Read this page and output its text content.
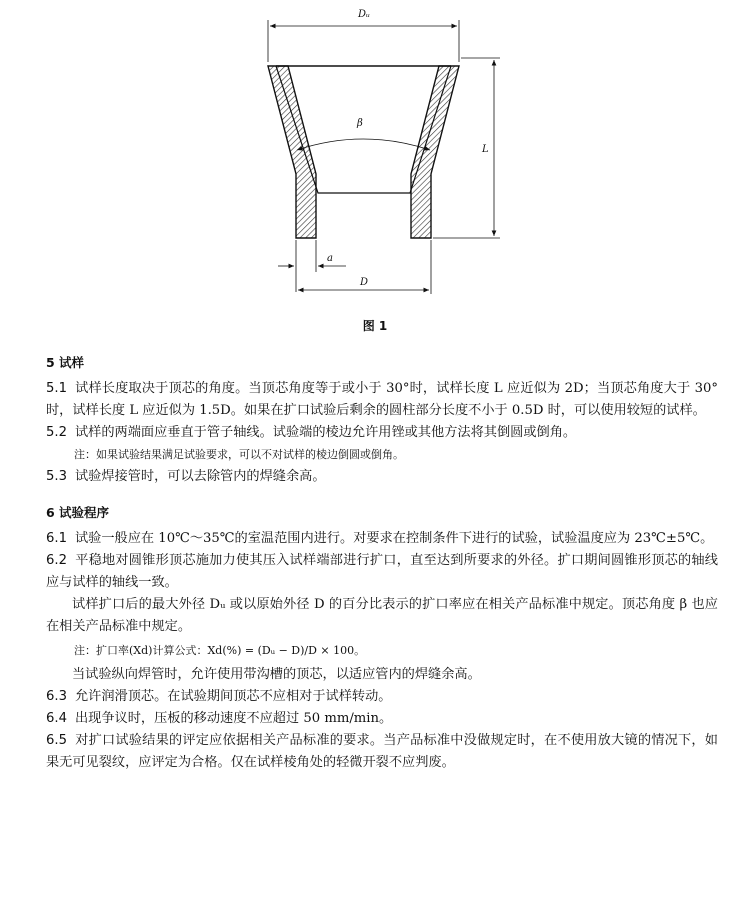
Dᵤ
β
L
a
D
图 1

5 试样

5.1 试样长度取决于顶芯的角度。当顶芯角度等于或小于 30°时，试样长度 L 应近似为 2D；当顶芯角度大于 30°时，试样长度 L 应近似为 1.5D。如果在扩口试验后剩余的圆柱部分长度不小于 0.5D 时，可以使用较短的试样。

5.2 试样的两端面应垂直于管子轴线。试验端的棱边允许用锉或其他方法将其倒圆或倒角。

注：如果试验结果满足试验要求，可以不对试样的棱边倒圆或倒角。

5.3 试验焊接管时，可以去除管内的焊缝余高。

6 试验程序

6.1 试验一般应在 10℃～35℃的室温范围内进行。对要求在控制条件下进行的试验，试验温度应为 23℃±5℃。

6.2 平稳地对圆锥形顶芯施加力使其压入试样端部进行扩口，直至达到所要求的外径。扩口期间圆锥形顶芯的轴线应与试样的轴线一致。

试样扩口后的最大外径 Dᵤ 或以原始外径 D 的百分比表示的扩口率应在相关产品标准中规定。顶芯角度 β 也应在相关产品标准中规定。

注：扩口率(Xd)计算公式：Xd(%) = (Dᵤ − D)/D × 100。

当试验纵向焊管时，允许使用带沟槽的顶芯，以适应管内的焊缝余高。

6.3 允许润滑顶芯。在试验期间顶芯不应相对于试样转动。

6.4 出现争议时，压板的移动速度不应超过 50 mm/min。

6.5 对扩口试验结果的评定应依据相关产品标准的要求。当产品标准中没做规定时，在不使用放大镜的情况下，如果无可见裂纹，应评定为合格。仅在试样棱角处的轻微开裂不应判废。
